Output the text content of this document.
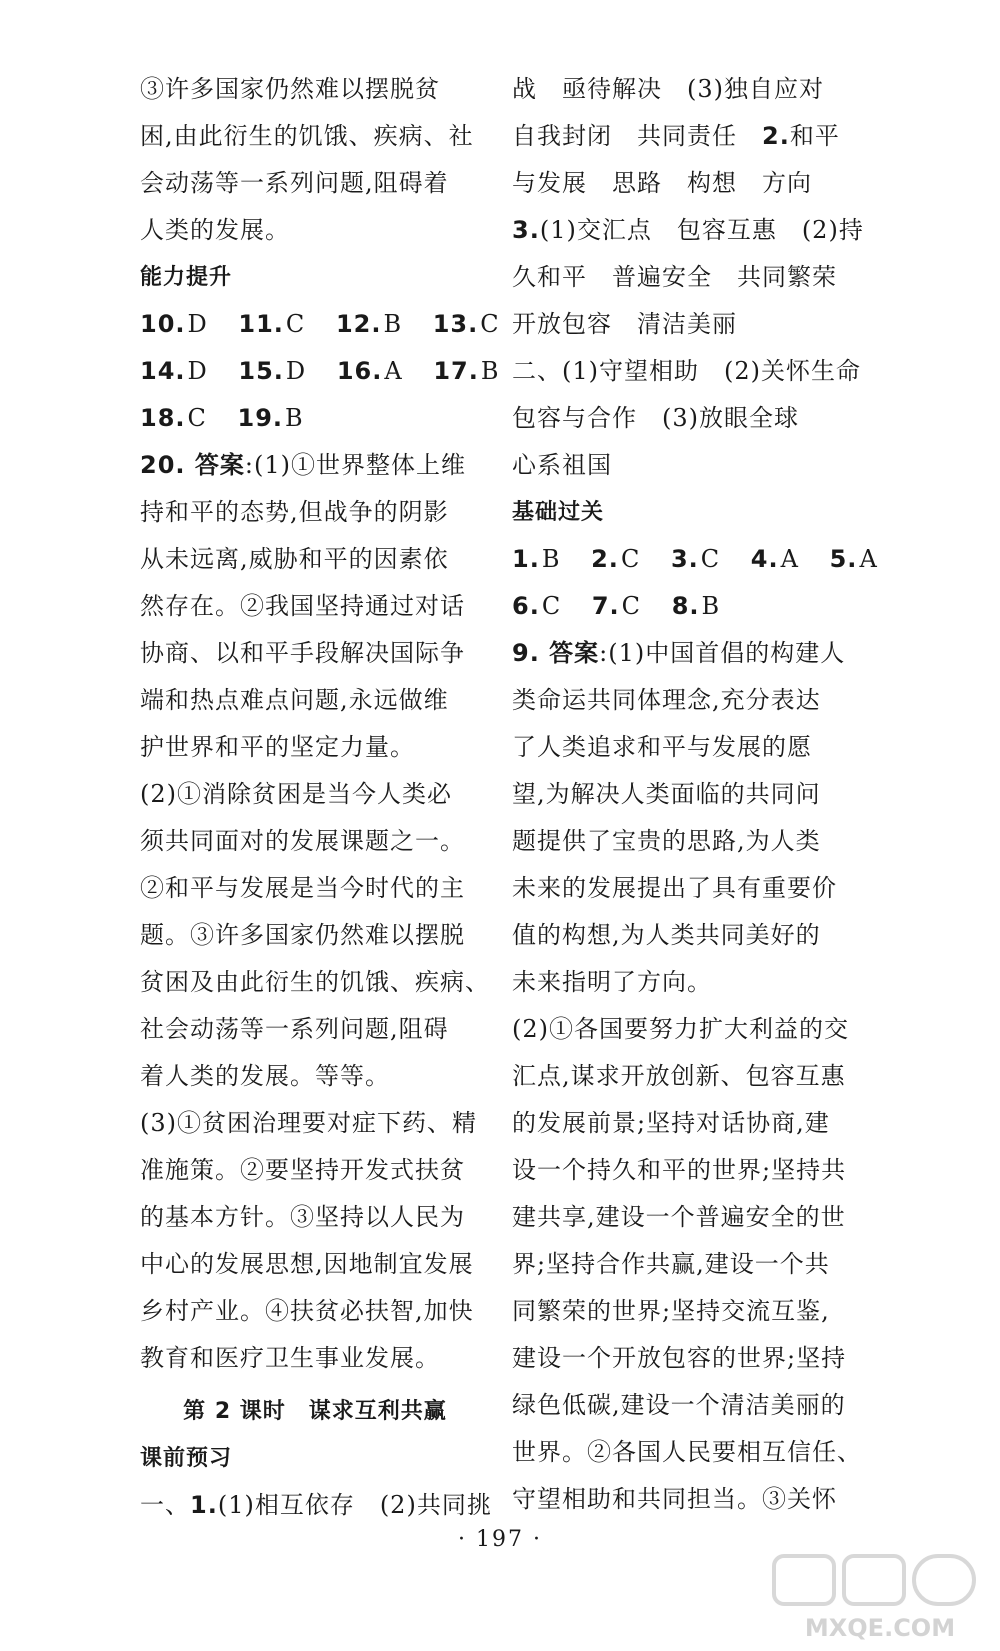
③许多国家仍然难以摆脱贫
困,由此衍生的饥饿、疾病、社
会动荡等一系列问题,阻碍着
人类的发展。
能力提升
10.D 11.C 12.B 13.C
14.D 15.D 16.A 17.B
18.C 19.B
20. 答案:(1)①世界整体上维
持和平的态势,但战争的阴影
从未远离,威胁和平的因素依
然存在。②我国坚持通过对话
协商、以和平手段解决国际争
端和热点难点问题,永远做维
护世界和平的坚定力量。
(2)①消除贫困是当今人类必
须共同面对的发展课题之一。
②和平与发展是当今时代的主
题。③许多国家仍然难以摆脱
贫困及由此衍生的饥饿、疾病、
社会动荡等一系列问题,阻碍
着人类的发展。等等。
(3)①贫困治理要对症下药、精
准施策。②要坚持开发式扶贫
的基本方针。③坚持以人民为
中心的发展思想,因地制宜发展
乡村产业。④扶贫必扶智,加快
教育和医疗卫生事业发展。
第 2 课时　谋求互利共赢
课前预习
一、1.(1)相互依存　(2)共同挑
战　亟待解决　(3)独自应对
自我封闭　共同责任　 2.和平
与发展　思路　构想　方向
3.(1)交汇点　包容互惠　(2)持
久和平　普遍安全　共同繁荣
开放包容　清洁美丽
二、(1)守望相助　(2)关怀生命
包容与合作　(3)放眼全球
心系祖国
基础过关
1.B 2.C 3.C 4.A 5.A
6.C 7.C 8.B
9. 答案:(1)中国首倡的构建人
类命运共同体理念,充分表达
了人类追求和平与发展的愿
望,为解决人类面临的共同问
题提供了宝贵的思路,为人类
未来的发展提出了具有重要价
值的构想,为人类共同美好的
未来指明了方向。
(2)①各国要努力扩大利益的交
汇点,谋求开放创新、包容互惠
的发展前景;坚持对话协商,建
设一个持久和平的世界;坚持共
建共享,建设一个普遍安全的世
界;坚持合作共赢,建设一个共
同繁荣的世界;坚持交流互鉴,
建设一个开放包容的世界;坚持
绿色低碳,建设一个清洁美丽的
世界。②各国人民要相互信任、
守望相助和共同担当。③关怀
· 197 ·
MXQE.COM
